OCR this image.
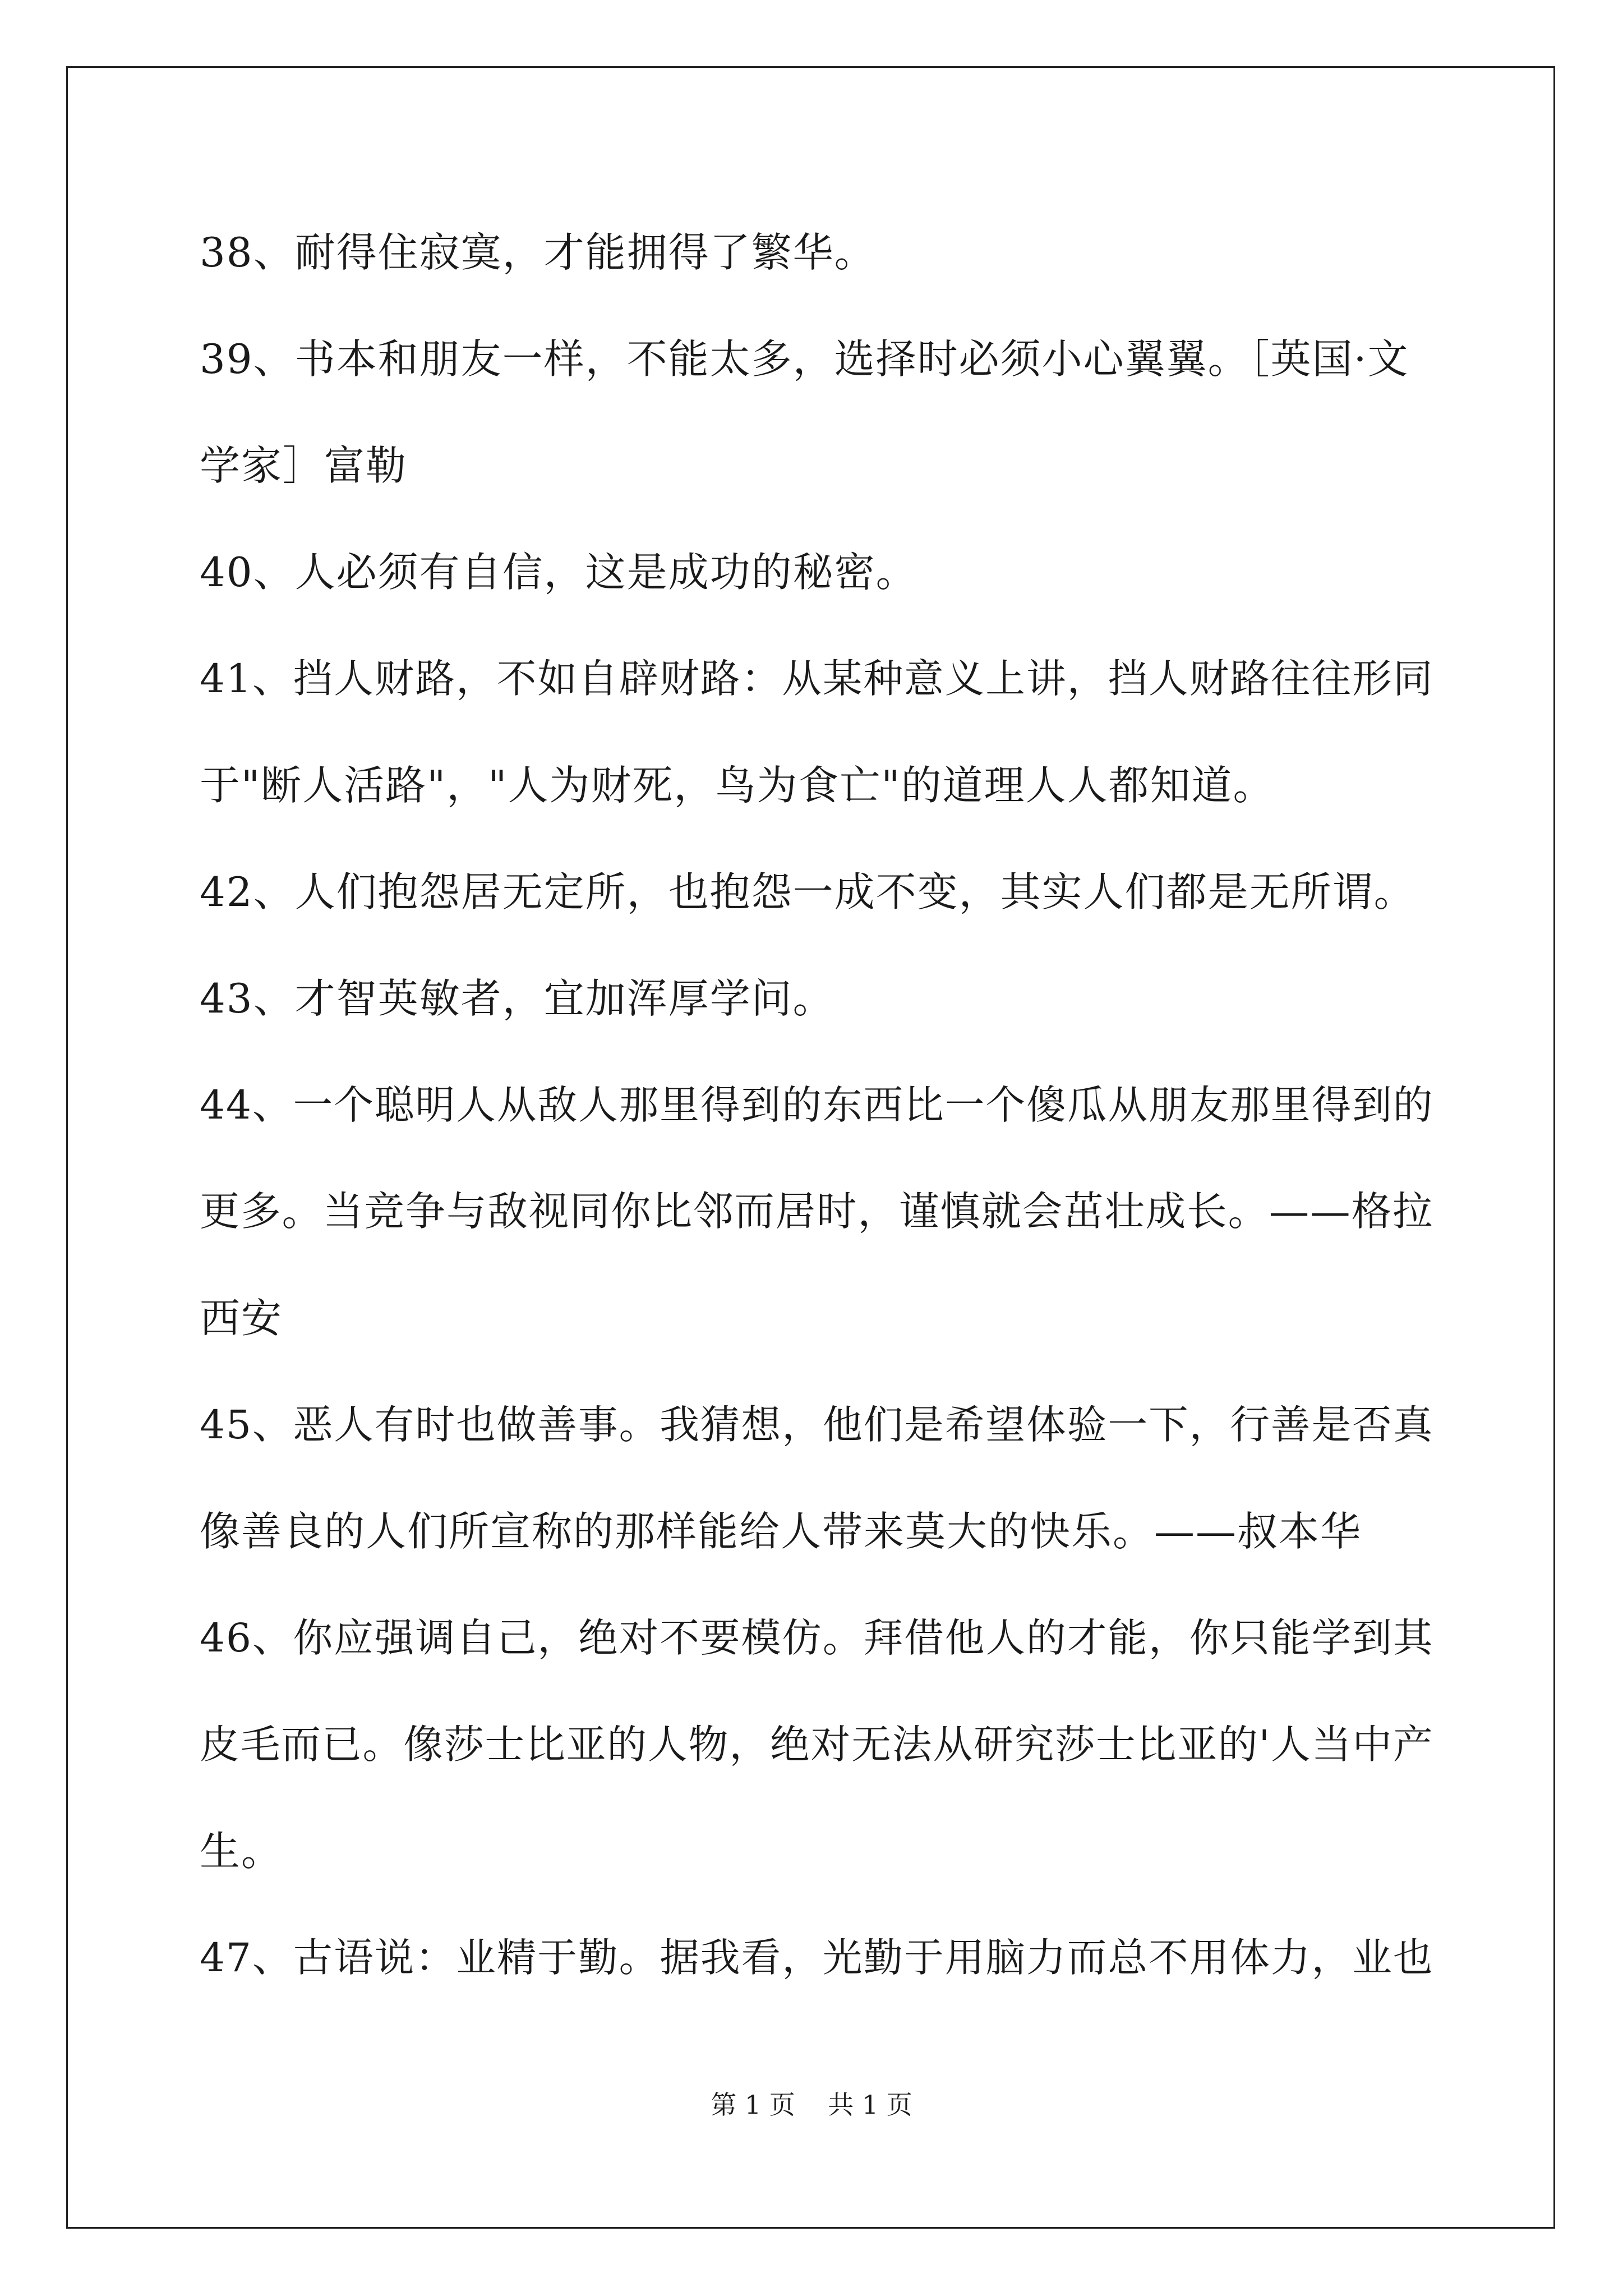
38、耐得住寂寞，才能拥得了繁华。
39、书本和朋友一样，不能太多，选择时必须小心翼翼。［英国·文
学家］富勒
40、人必须有自信，这是成功的秘密。
41、挡人财路，不如自辟财路：从某种意义上讲，挡人财路往往形同
于"断人活路"，"人为财死，鸟为食亡"的道理人人都知道。
42、人们抱怨居无定所，也抱怨一成不变，其实人们都是无所谓。
43、才智英敏者，宜加浑厚学问。
44、一个聪明人从敌人那里得到的东西比一个傻瓜从朋友那里得到的
更多。当竞争与敌视同你比邻而居时，谨慎就会茁壮成长。——格拉
西安
45、恶人有时也做善事。我猜想，他们是希望体验一下，行善是否真
像善良的人们所宣称的那样能给人带来莫大的快乐。——叔本华
46、你应强调自己，绝对不要模仿。拜借他人的才能，你只能学到其
皮毛而已。像莎士比亚的人物，绝对无法从研究莎士比亚的'人当中产
生。
47、古语说：业精于勤。据我看，光勤于用脑力而总不用体力，业也
第 1 页    共 1 页
